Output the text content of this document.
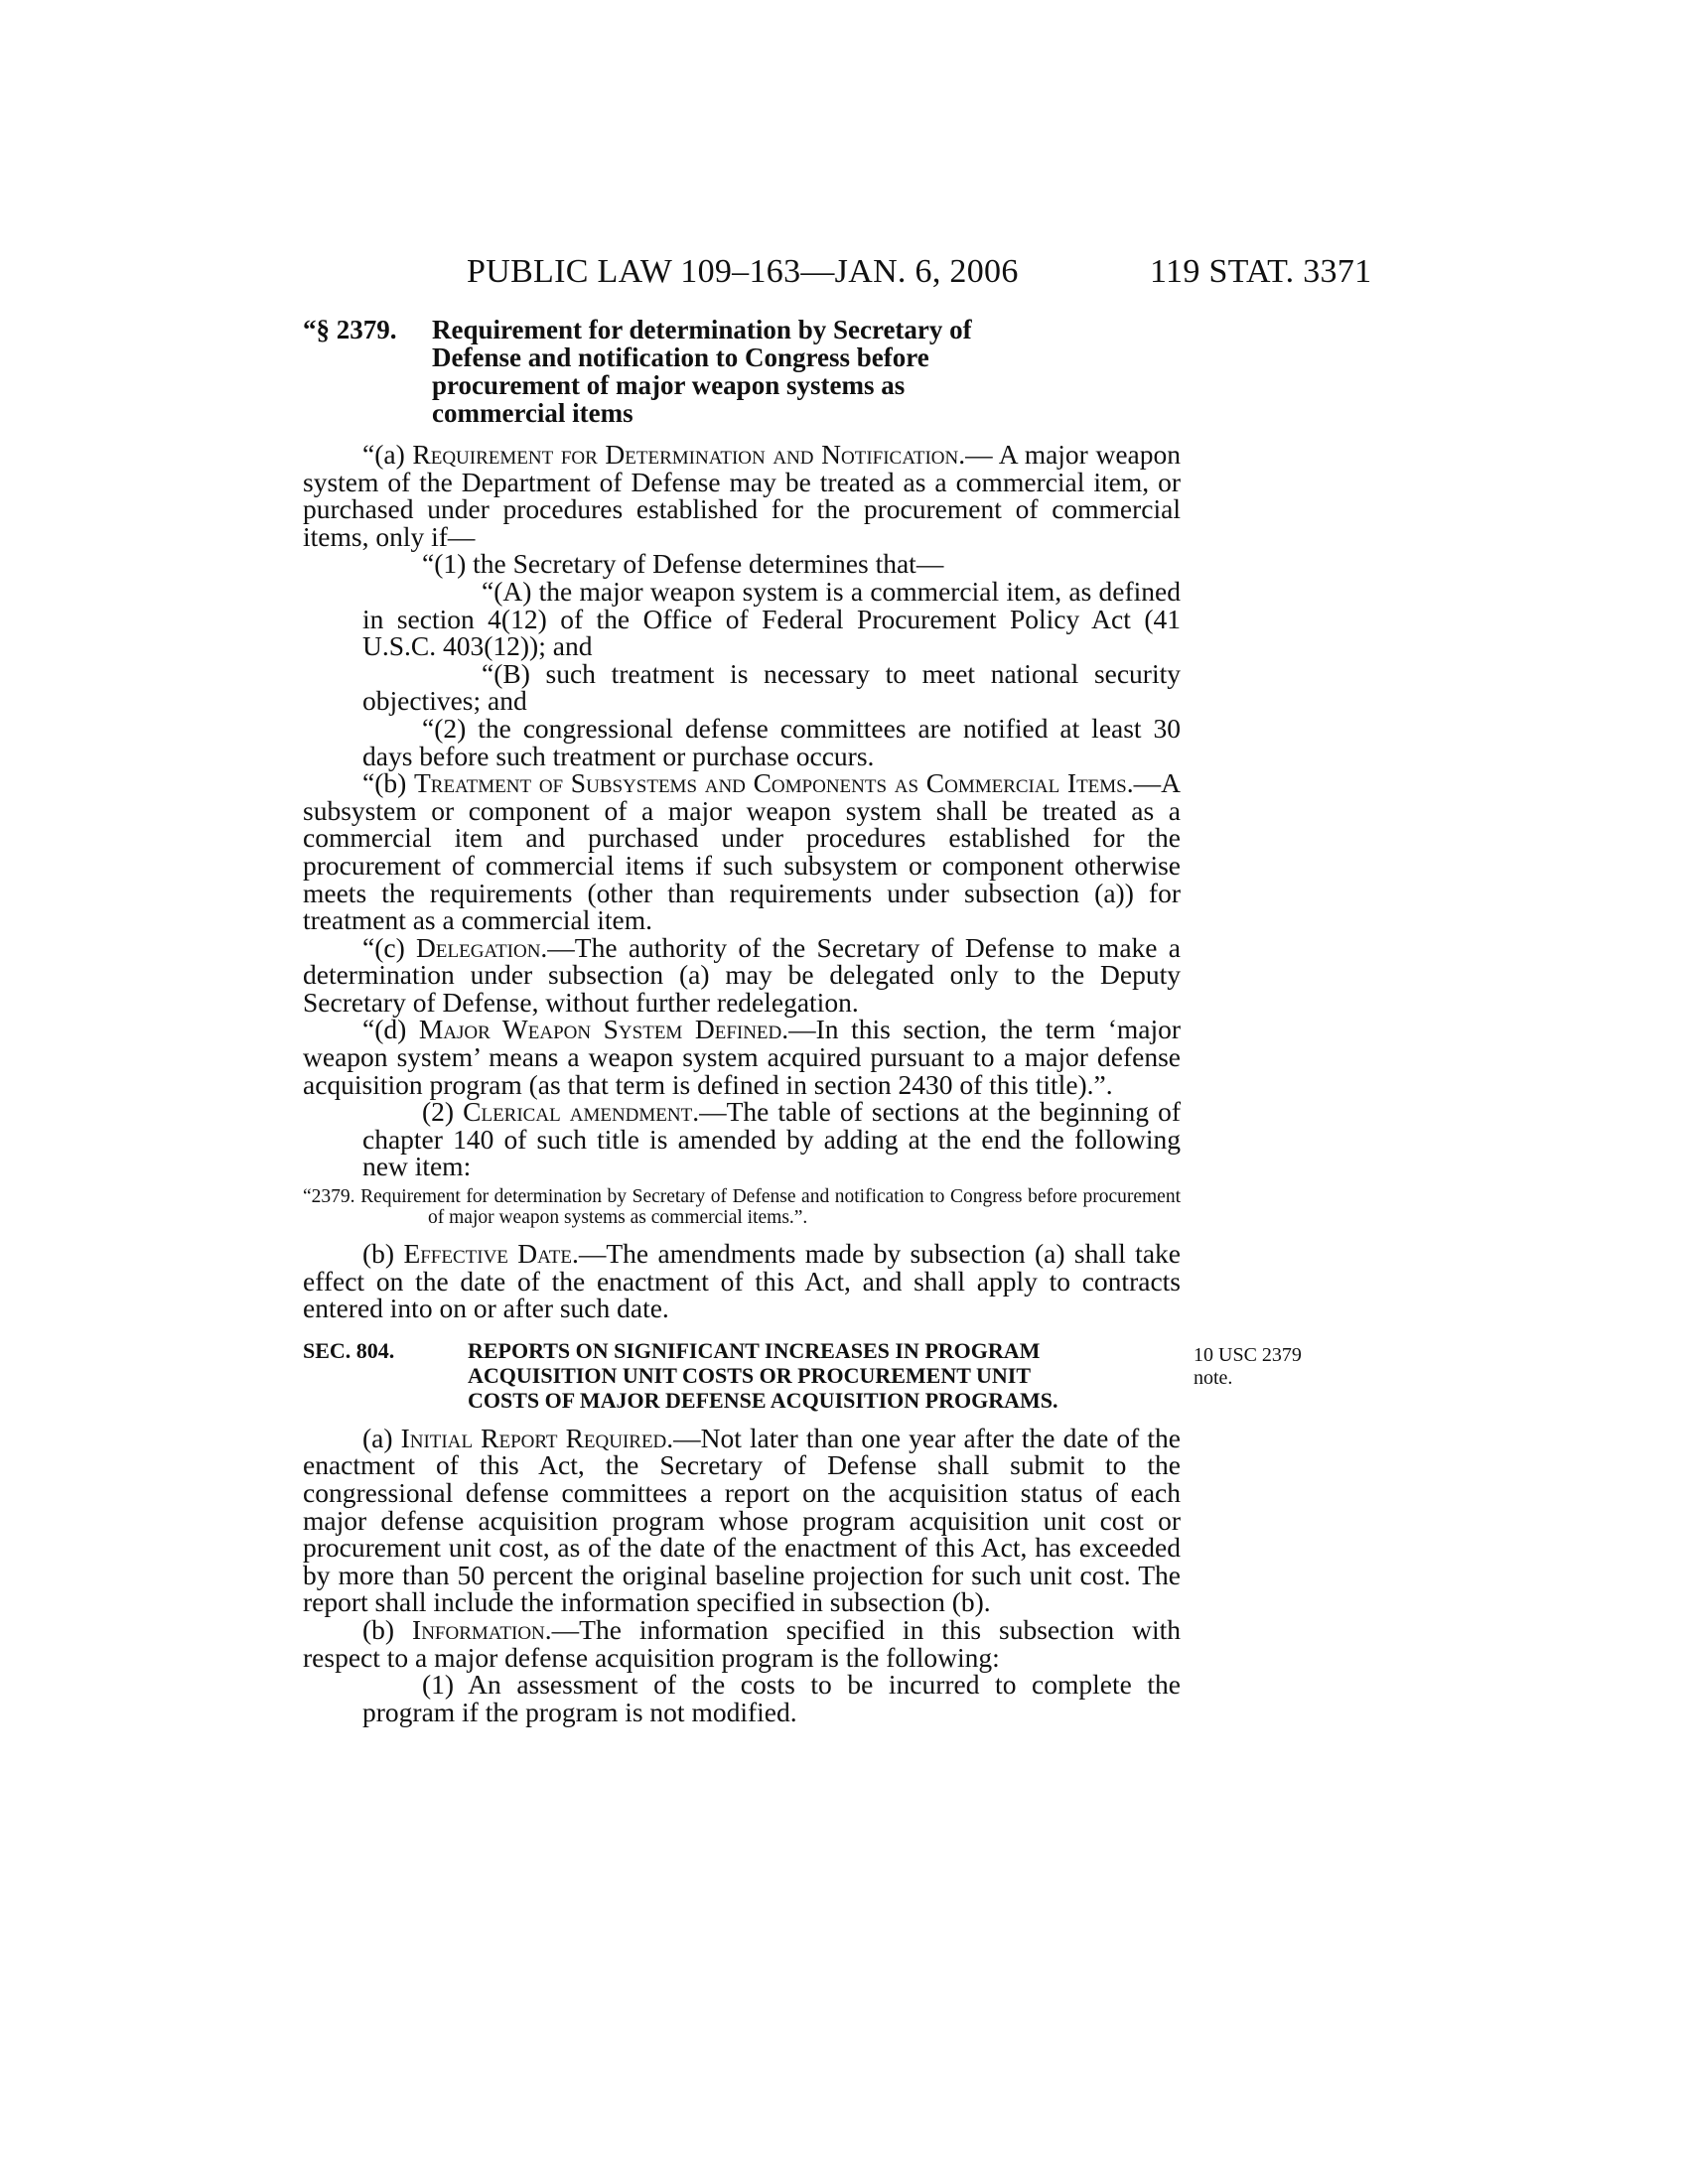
PUBLIC LAW 109–163—JAN. 6, 2006	119 STAT. 3371
“§ 2379.	Requirement for determination by Secretary of
Defense and notification to Congress before
procurement of major weapon systems as
commercial items

“(a) Requirement for Determination and Notification.— A major weapon system of the Department of Defense may be treated as a commercial item, or purchased under procedures established for the procurement of commercial items, only if—

“(1) the Secretary of Defense determines that—

“(A) the major weapon system is a commercial item, as defined in section 4(12) of the Office of Federal Procurement Policy Act (41 U.S.C. 403(12)); and

“(B) such treatment is necessary to meet national security objectives; and

“(2) the congressional defense committees are notified at least 30 days before such treatment or purchase occurs.

“(b) Treatment of Subsystems and Components as Commercial Items.—A subsystem or component of a major weapon system shall be treated as a commercial item and purchased under procedures established for the procurement of commercial items if such subsystem or component otherwise meets the requirements (other than requirements under subsection (a)) for treatment as a commercial item.

“(c) Delegation.—The authority of the Secretary of Defense to make a determination under subsection (a) may be delegated only to the Deputy Secretary of Defense, without further redelegation.

“(d) Major Weapon System Defined.—In this section, the term ‘major weapon system’ means a weapon system acquired pursuant to a major defense acquisition program (as that term is defined in section 2430 of this title).”.

(2) Clerical amendment.—The table of sections at the beginning of chapter 140 of such title is amended by adding at the end the following new item:

“2379. Requirement for determination by Secretary of Defense and notification to Congress before procurement of major weapon systems as commercial items.”.

(b) Effective Date.—The amendments made by subsection (a) shall take effect on the date of the enactment of this Act, and shall apply to contracts entered into on or after such date.

SEC. 804.	REPORTS ON SIGNIFICANT INCREASES IN PROGRAM
ACQUISITION UNIT COSTS OR PROCUREMENT UNIT
COSTS OF MAJOR DEFENSE ACQUISITION PROGRAMS.

(a) Initial Report Required.—Not later than one year after the date of the enactment of this Act, the Secretary of Defense shall submit to the congressional defense committees a report on the acquisition status of each major defense acquisition program whose program acquisition unit cost or procurement unit cost, as of the date of the enactment of this Act, has exceeded by more than 50 percent the original baseline projection for such unit cost. The report shall include the information specified in subsection (b).

(b) Information.—The information specified in this subsection with respect to a major defense acquisition program is the following:

(1) An assessment of the costs to be incurred to complete the program if the program is not modified.

10 USC 2379
note.
